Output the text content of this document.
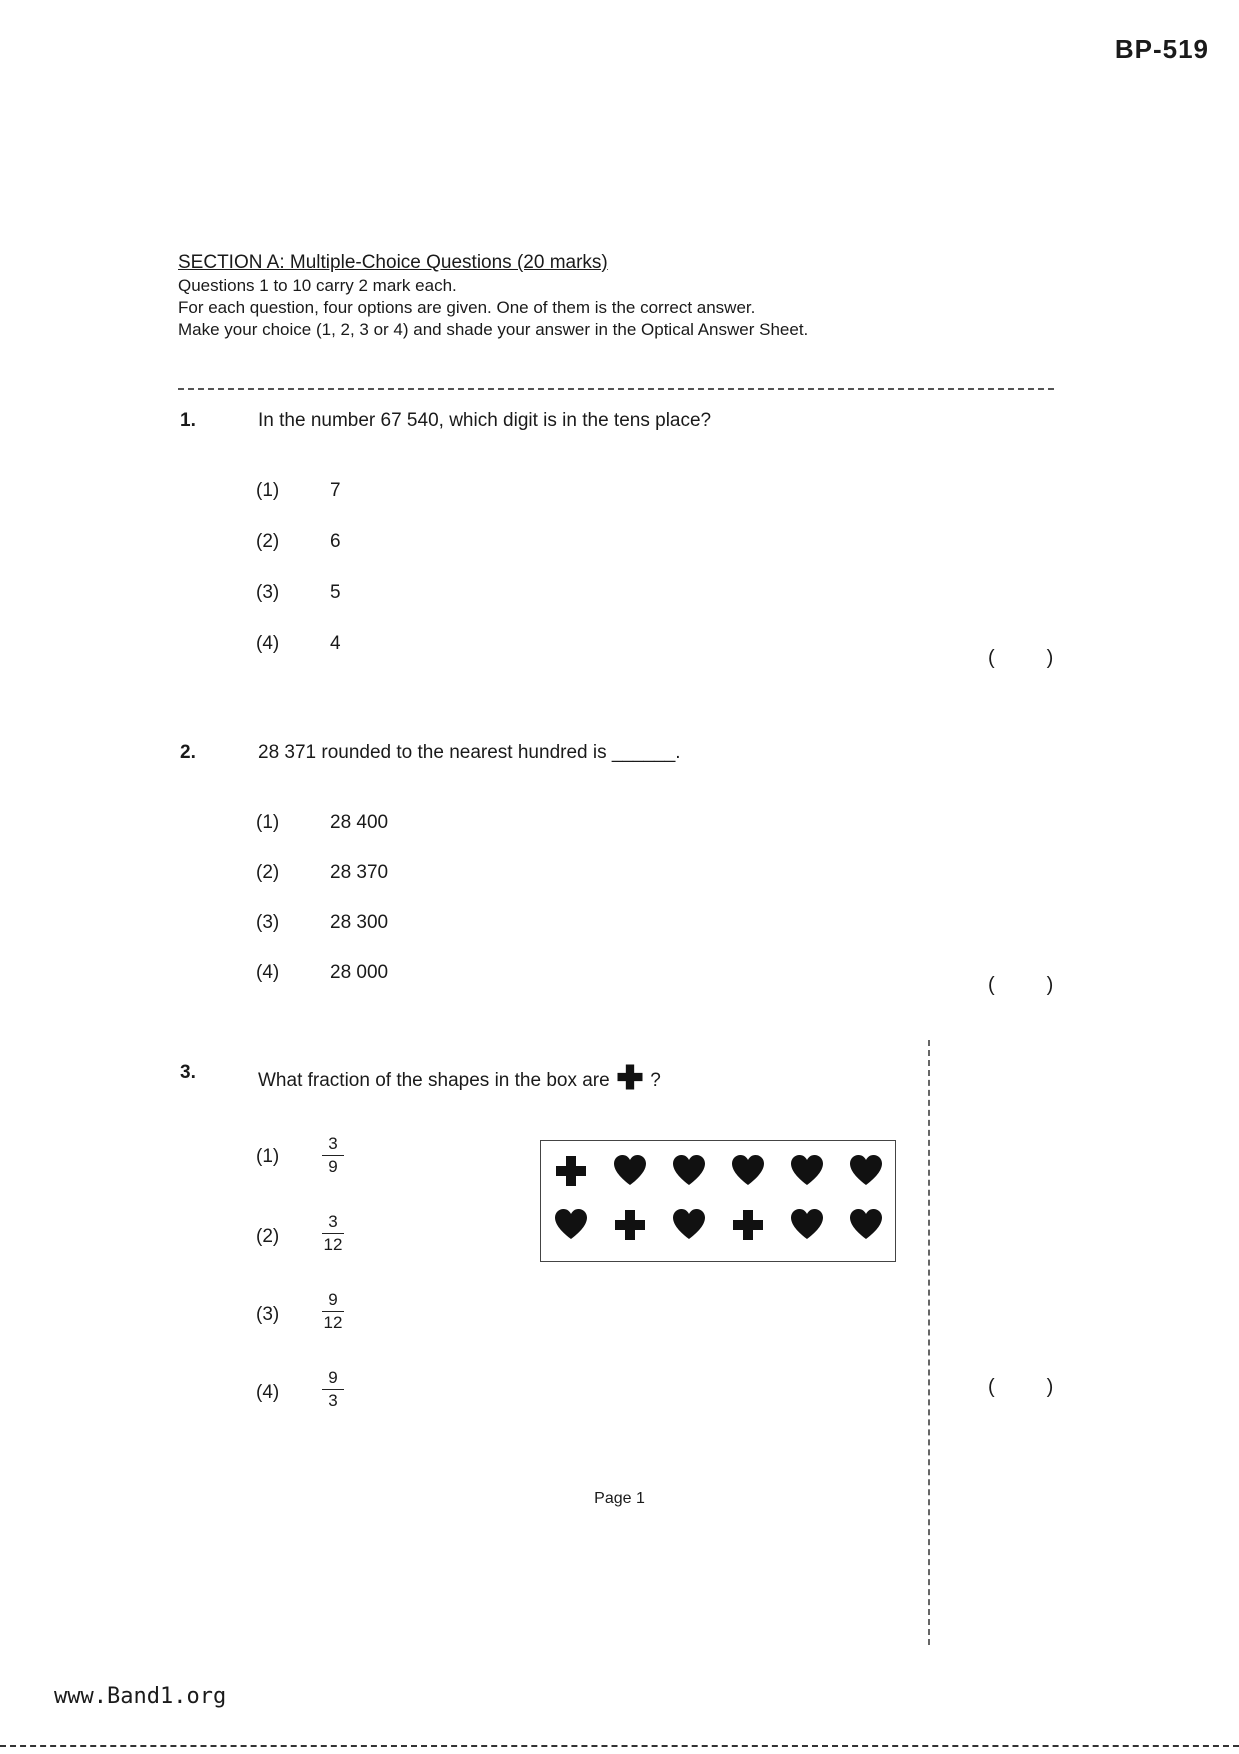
BP-519
SECTION A: Multiple-Choice Questions (20 marks)
Questions 1 to 10 carry 2 mark each.
For each question, four options are given. One of them is the correct answer.
Make your choice (1, 2, 3 or 4) and shade your answer in the Optical Answer Sheet.
1.	In the number 67 540, which digit is in the tens place?
(1)	7
(2)	6
(3)	5
(4)	4
()
2.	28 371 rounded to the nearest hundred is ______.
(1)	28 400
(2)	28 370
(3)	28 300
(4)	28 000
()
3.	What fraction of the shapes in the box are ?
(1)	$\frac{3}{9}$
(2)	$\frac{3}{12}$
(3)	$\frac{9}{12}$
(4)	$\frac{9}{3}$	()
Page 1
www.Band1.org
